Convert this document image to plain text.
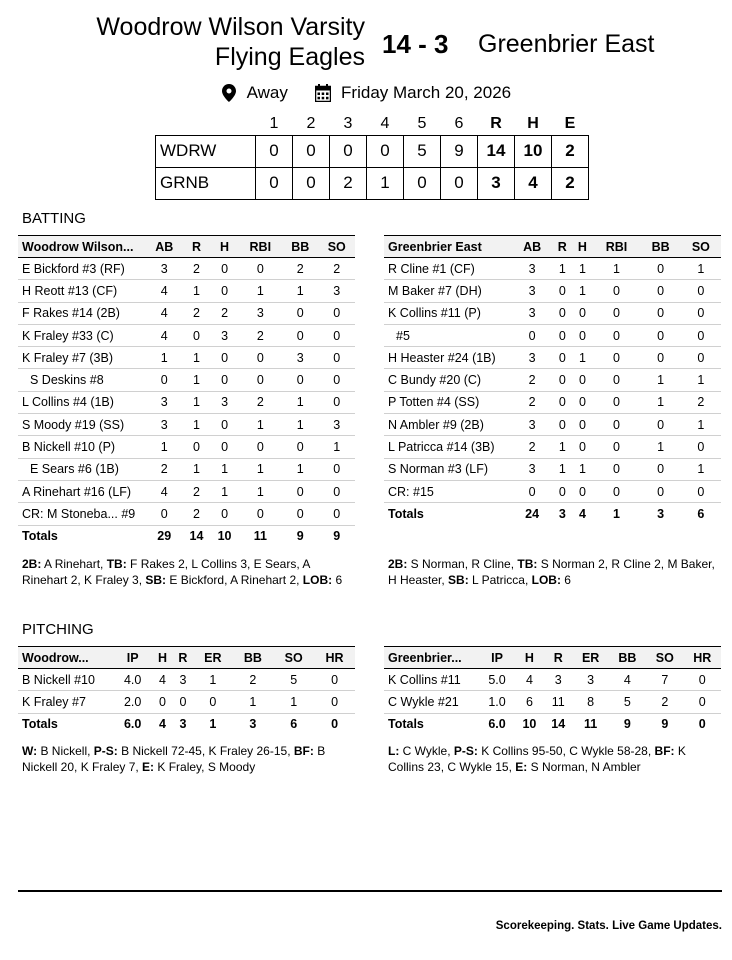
Woodrow Wilson Varsity
Flying Eagles 14 - 3 Greenbrier East
Away	Friday March 20, 2026
	1	2	3	4	5	6	R	H	E
WDRW	0	0	0	0	5	9	14	10	2
GRNB	0	0	2	1	0	0	3	4	2
BATTING
Woodrow Wilson...	AB	R	H	RBI	BB	SO
E Bickford #3 (RF)	3	2	0	0	2	2
H Reott #13 (CF)	4	1	0	1	1	3
F Rakes #14 (2B)	4	2	2	3	0	0
K Fraley #33 (C)	4	0	3	2	0	0
K Fraley #7 (3B)	1	1	0	0	3	0
S Deskins #8	0	1	0	0	0	0
L Collins #4 (1B)	3	1	3	2	1	0
S Moody #19 (SS)	3	1	0	1	1	3
B Nickell #10 (P)	1	0	0	0	0	1
E Sears #6 (1B)	2	1	1	1	1	0
A Rinehart #16 (LF)	4	2	1	1	0	0
CR: M Stoneba... #9	0	2	0	0	0	0
Totals	29	14	10	11	9	9
Greenbrier East	AB	R	H	RBI	BB	SO
R Cline #1 (CF)	3	1	1	1	0	1
M Baker #7 (DH)	3	0	1	0	0	0
K Collins #11 (P)	3	0	0	0	0	0
#5	0	0	0	0	0	0
H Heaster #24 (1B)	3	0	1	0	0	0
C Bundy #20 (C)	2	0	0	0	1	1
P Totten #4 (SS)	2	0	0	0	1	2
N Ambler #9 (2B)	3	0	0	0	0	1
L Patricca #14 (3B)	2	1	0	0	1	0
S Norman #3 (LF)	3	1	1	0	0	1
CR: #15	0	0	0	0	0	0
Totals	24	3	4	1	3	6
2B: A Rinehart, TB: F Rakes 2, L Collins 3, E Sears, A Rinehart 2, K Fraley 3, SB: E Bickford, A Rinehart 2, LOB: 6
2B: S Norman, R Cline, TB: S Norman 2, R Cline 2, M Baker, H Heaster, SB: L Patricca, LOB: 6
PITCHING
Woodrow...	IP	H	R	ER	BB	SO	HR
B Nickell #10	4.0	4	3	1	2	5	0
K Fraley #7	2.0	0	0	0	1	1	0
Totals	6.0	4	3	1	3	6	0
Greenbrier...	IP	H	R	ER	BB	SO	HR
K Collins #11	5.0	4	3	3	4	7	0
C Wykle #21	1.0	6	11	8	5	2	0
Totals	6.0	10	14	11	9	9	0
W: B Nickell, P-S: B Nickell 72-45, K Fraley 26-15, BF: B Nickell 20, K Fraley 7, E: K Fraley, S Moody
L: C Wykle, P-S: K Collins 95-50, C Wykle 58-28, BF: K Collins 23, C Wykle 15, E: S Norman, N Ambler
Scorekeeping. Stats. Live Game Updates.
